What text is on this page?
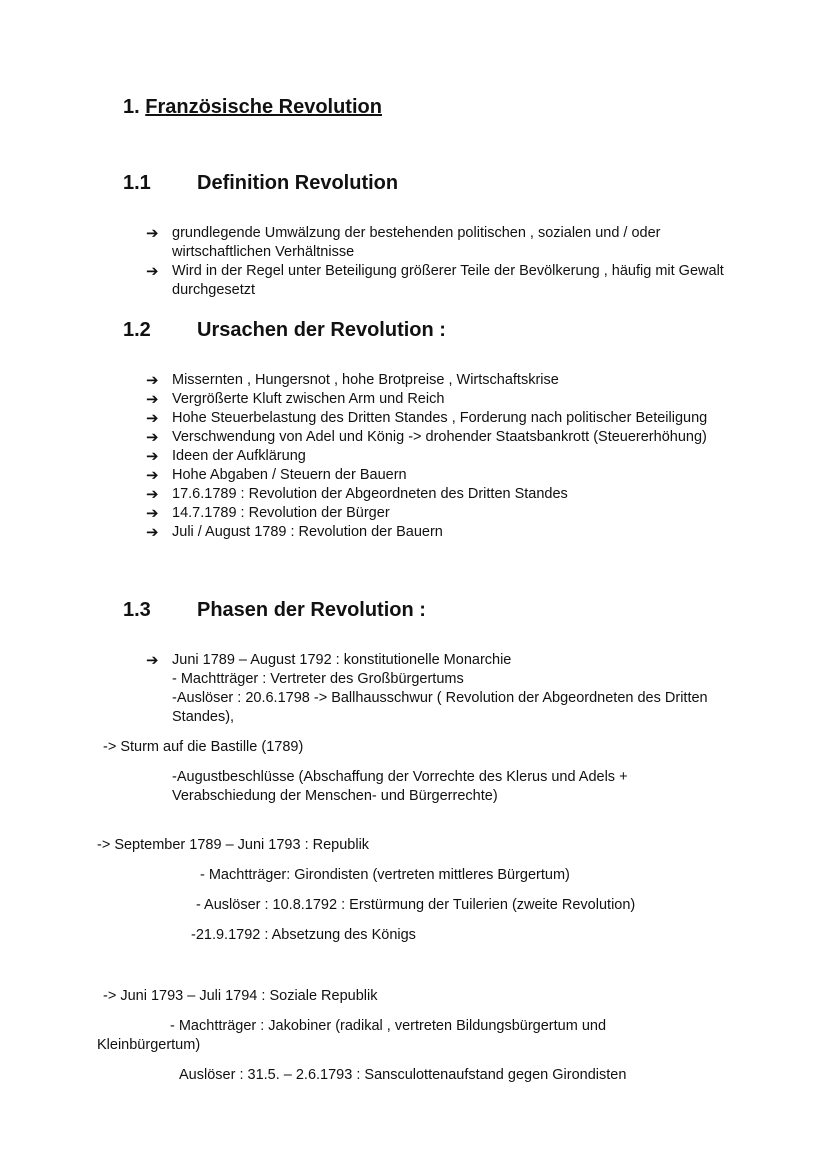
1. Französische Revolution
1.1 Definition Revolution
➔ grundlegende Umwälzung der bestehenden politischen , sozialen und / oder wirtschaftlichen Verhältnisse
➔ Wird in der Regel unter Beteiligung größerer Teile der Bevölkerung , häufig mit Gewalt durchgesetzt
1.2 Ursachen der Revolution :
➔ Missernten , Hungersnot , hohe Brotpreise , Wirtschaftskrise
➔ Vergrößerte Kluft zwischen Arm und Reich
➔ Hohe Steuerbelastung des Dritten Standes , Forderung nach politischer Beteiligung
➔ Verschwendung von Adel und König -> drohender Staatsbankrott (Steuererhöhung)
➔ Ideen der Aufklärung
➔ Hohe Abgaben / Steuern der Bauern
➔ 17.6.1789 : Revolution der Abgeordneten des Dritten Standes
➔ 14.7.1789 : Revolution der Bürger
➔ Juli / August 1789 : Revolution der Bauern
1.3 Phasen der Revolution :
➔ Juni 1789 – August 1792 : konstitutionelle Monarchie
- Machtträger : Vertreter des Großbürgertums
-Auslöser : 20.6.1798 -> Ballhausschwur ( Revolution der Abgeordneten des Dritten Standes),
-> Sturm auf die Bastille (1789)
-Augustbeschlüsse (Abschaffung der Vorrechte des Klerus und Adels + Verabschiedung der Menschen- und Bürgerrechte)
-> September 1789 – Juni 1793 : Republik
- Machtträger: Girondisten (vertreten mittleres Bürgertum)
- Auslöser : 10.8.1792 : Erstürmung der Tuilerien (zweite Revolution)
-21.9.1792 : Absetzung des Königs
-> Juni 1793 – Juli 1794 : Soziale Republik
- Machtträger : Jakobiner (radikal , vertreten Bildungsbürgertum und
Kleinbürgertum)
Auslöser : 31.5. – 2.6.1793 : Sansculottenaufstand gegen Girondisten
